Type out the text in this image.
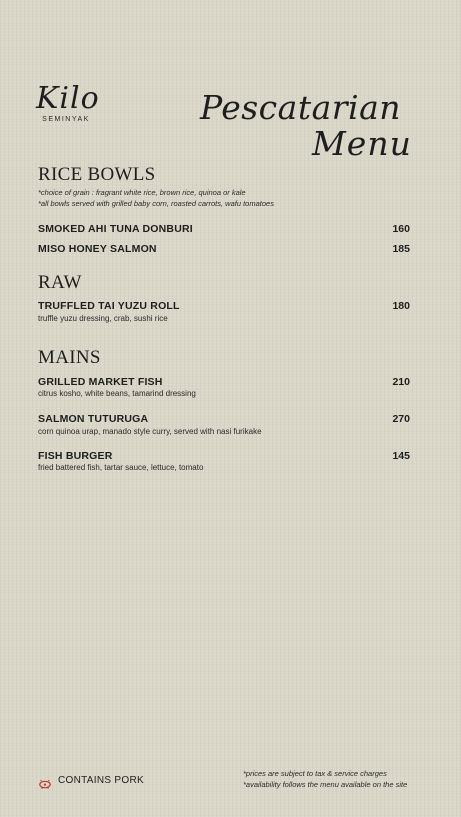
Kilo
SEMINYAK	Pescatarian
Menu
RICE BOWLS
*choice of grain : fragrant white rice, brown rice, quinoa or kale
*all bowls served with grilled baby corn, roasted carrots, wafu tomatoes
SMOKED AHI TUNA DONBURI	160
MISO HONEY SALMON	185
RAW
TRUFFLED TAI YUZU ROLL	180
truffle yuzu dressing, crab, sushi rice
MAINS
GRILLED MARKET FISH	210
citrus kosho, white beans, tamarind dressing
SALMON TUTURUGA	270
corn quinoa urap, manado style curry, served with nasi furikake
FISH BURGER	145
fried battered fish, tartar sauce, lettuce, tomato
CONTAINS PORK
*prices are subject to tax & service charges
*availability follows the menu available on the site
